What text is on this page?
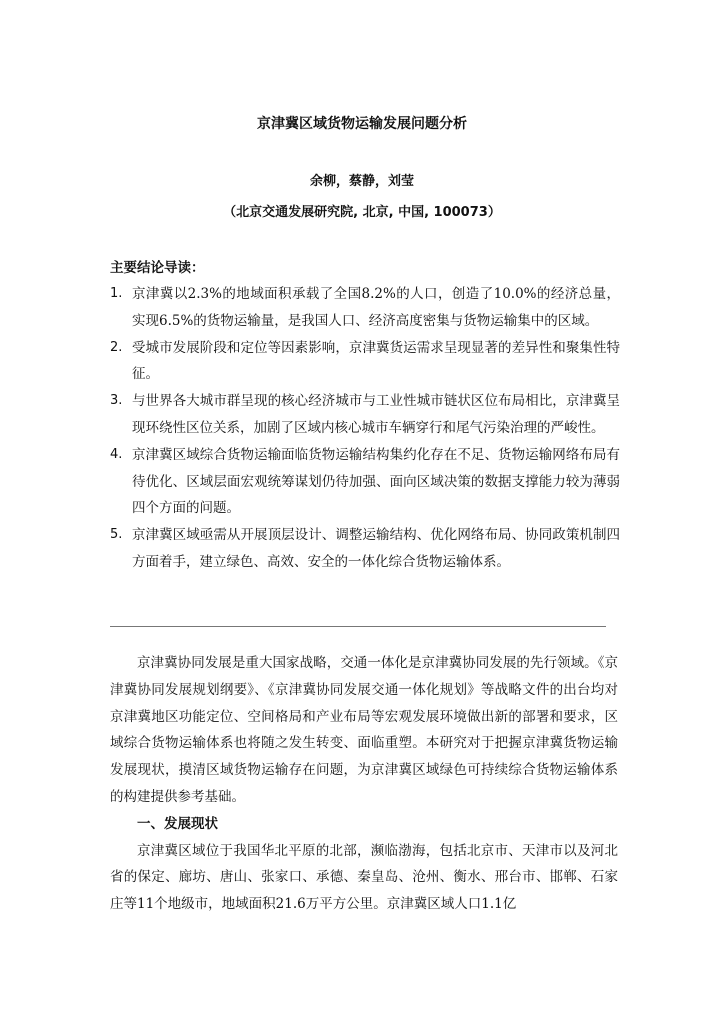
京津冀区域货物运输发展问题分析
余柳，蔡静，刘莹
（北京交通发展研究院, 北京, 中国, 100073）
主要结论导读：
1. 京津冀以2.3%的地域面积承载了全国8.2%的人口，创造了10.0%的经济总量，实现6.5%的货物运输量，是我国人口、经济高度密集与货物运输集中的区域。
2. 受城市发展阶段和定位等因素影响，京津冀货运需求呈现显著的差异性和聚集性特征。
3. 与世界各大城市群呈现的核心经济城市与工业性城市链状区位布局相比，京津冀呈现环绕性区位关系，加剧了区域内核心城市车辆穿行和尾气污染治理的严峻性。
4. 京津冀区域综合货物运输面临货物运输结构集约化存在不足、货物运输网络布局有待优化、区域层面宏观统筹谋划仍待加强、面向区域决策的数据支撑能力较为薄弱四个方面的问题。
5. 京津冀区域亟需从开展顶层设计、调整运输结构、优化网络布局、协同政策机制四方面着手，建立绿色、高效、安全的一体化综合货物运输体系。

京津冀协同发展是重大国家战略，交通一体化是京津冀协同发展的先行领域。《京津冀协同发展规划纲要》、《京津冀协同发展交通一体化规划》等战略文件的出台均对京津冀地区功能定位、空间格局和产业布局等宏观发展环境做出新的部署和要求，区域综合货物运输体系也将随之发生转变、面临重塑。本研究对于把握京津冀货物运输发展现状，摸清区域货物运输存在问题，为京津冀区域绿色可持续综合货物运输体系的构建提供参考基础。

一、发展现状

京津冀区域位于我国华北平原的北部，濒临渤海，包括北京市、天津市以及河北省的保定、廊坊、唐山、张家口、承德、秦皇岛、沧州、衡水、邢台市、邯郸、石家庄等11个地级市，地域面积21.6万平方公里。京津冀区域人口1.1亿
